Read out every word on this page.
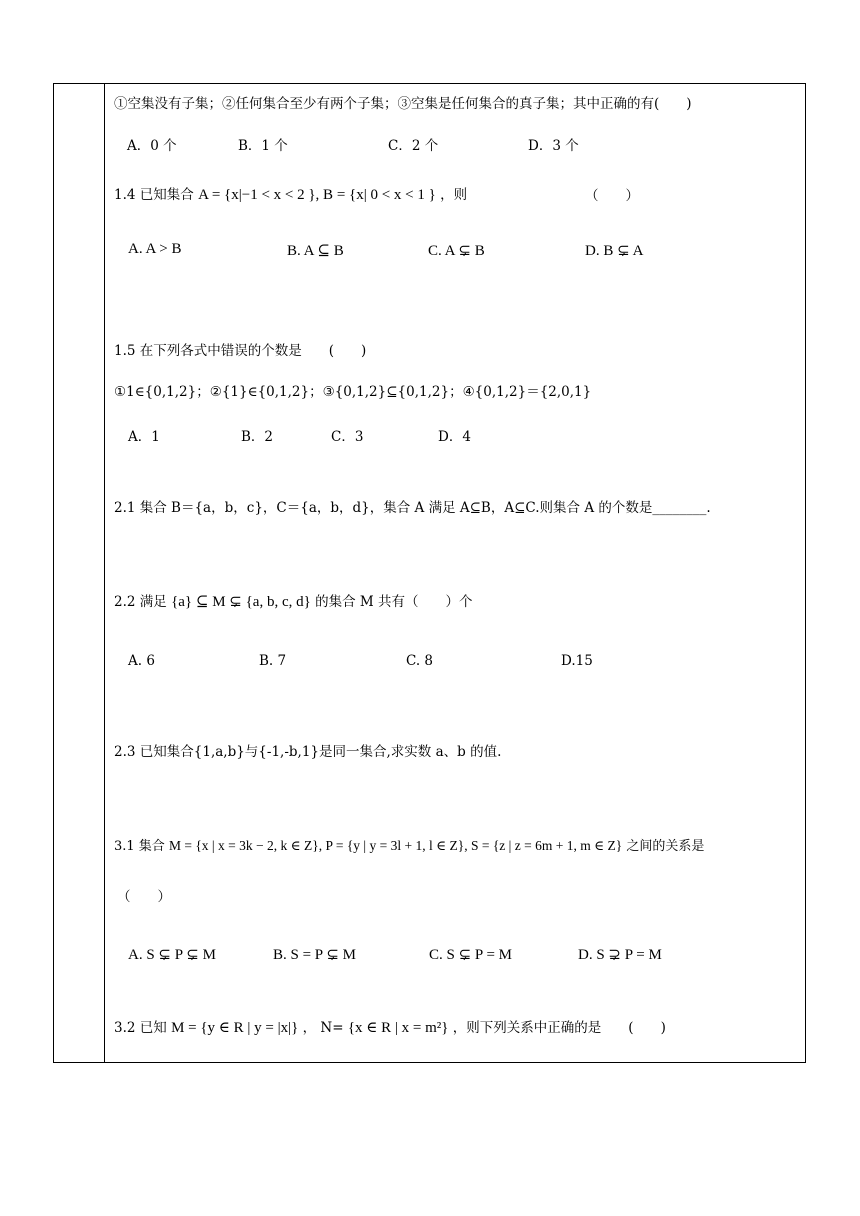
①空集没有子集；②任何集合至少有两个子集；③空集是任何集合的真子集；其中正确的有(　　)
A．0 个	B．1 个	C．2 个	D．3 个
1.4 已知集合 A = {x|−1 < x < 2 }, B = {x| 0 < x < 1 } ，则	（　　）
A. A > B	B. A ⊆ B	C. A ⊊ B	D. B ⊊ A
1.5 在下列各式中错误的个数是　　(　　)
①1∈{0,1,2}；②{1}∈{0,1,2}；③{0,1,2}⊆{0,1,2}；④{0,1,2}＝{2,0,1}
A．1	B．2	C．3	D．4
2.1 集合 B＝{a，b，c}，C＝{a，b，d}，集合 A 满足 A⊆B，A⊆C.则集合 A 的个数是________.
2.2 满足 {a} ⊆ M ⊊ {a, b, c, d} 的集合 M 共有（　　）个
A. 6	B. 7	C. 8	D.15
2.3 已知集合{1,a,b}与{-1,-b,1}是同一集合,求实数 a、b 的值.
3.1 集合 M = {x | x = 3k − 2, k ∈ Z}, P = {y | y = 3l + 1, l ∈ Z}, S = {z | z = 6m + 1, m ∈ Z} 之间的关系是
（　　）
A. S ⊊ P ⊊ M	B. S = P ⊊ M	C. S ⊊ P = M	D. S ⊋ P = M
3.2 已知 M = {y ∈ R | y = |x|} ， N= {x ∈ R | x = m²} ，则下列关系中正确的是　　(　　)
